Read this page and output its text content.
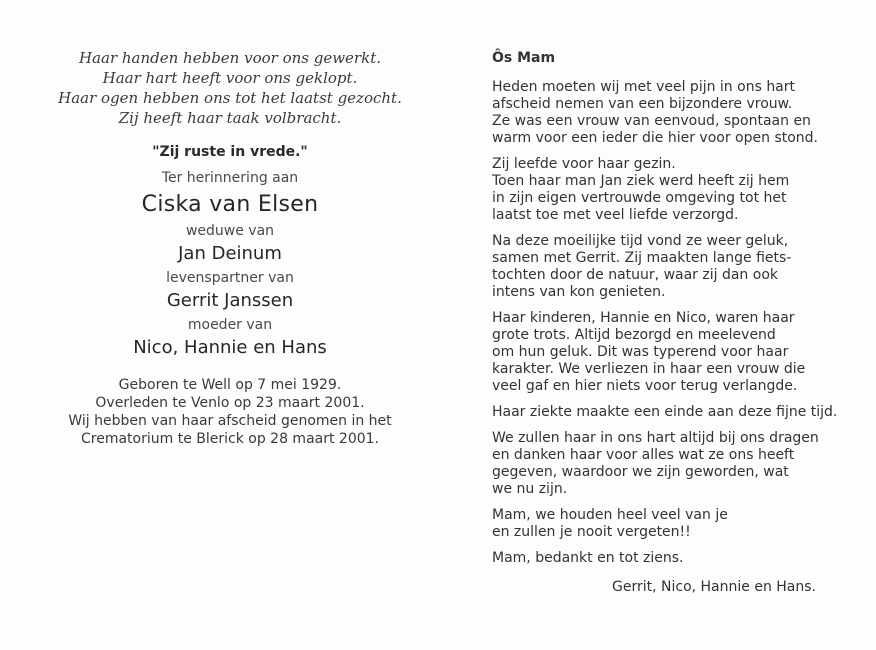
Haar handen hebben voor ons gewerkt.
Haar hart heeft voor ons geklopt.
Haar ogen hebben ons tot het laatst gezocht.
Zij heeft haar taak volbracht.
"Zij ruste in vrede."
Ter herinnering aan
Ciska van Elsen
weduwe van
Jan Deinum
levenspartner van
Gerrit Janssen
moeder van
Nico, Hannie en Hans
Geboren te Well op 7 mei 1929.
Overleden te Venlo op 23 maart 2001.
Wij hebben van haar afscheid genomen in het
Crematorium te Blerick op 28 maart 2001.
Ôs Mam
Heden moeten wij met veel pijn in ons hart
afscheid nemen van een bijzondere vrouw.
Ze was een vrouw van eenvoud, spontaan en
warm voor een ieder die hier voor open stond.
Zij leefde voor haar gezin.
Toen haar man Jan ziek werd heeft zij hem
in zijn eigen vertrouwde omgeving tot het
laatst toe met veel liefde verzorgd.
Na deze moeilijke tijd vond ze weer geluk,
samen met Gerrit. Zij maakten lange fiets-
tochten door de natuur, waar zij dan ook
intens van kon genieten.
Haar kinderen, Hannie en Nico, waren haar
grote trots. Altijd bezorgd en meelevend
om hun geluk. Dit was typerend voor haar
karakter. We verliezen in haar een vrouw die
veel gaf en hier niets voor terug verlangde.
Haar ziekte maakte een einde aan deze fijne tijd.
We zullen haar in ons hart altijd bij ons dragen
en danken haar voor alles wat ze ons heeft
gegeven, waardoor we zijn geworden, wat
we nu zijn.
Mam, we houden heel veel van je
en zullen je nooit vergeten!!
Mam, bedankt en tot ziens.
Gerrit, Nico, Hannie en Hans.
